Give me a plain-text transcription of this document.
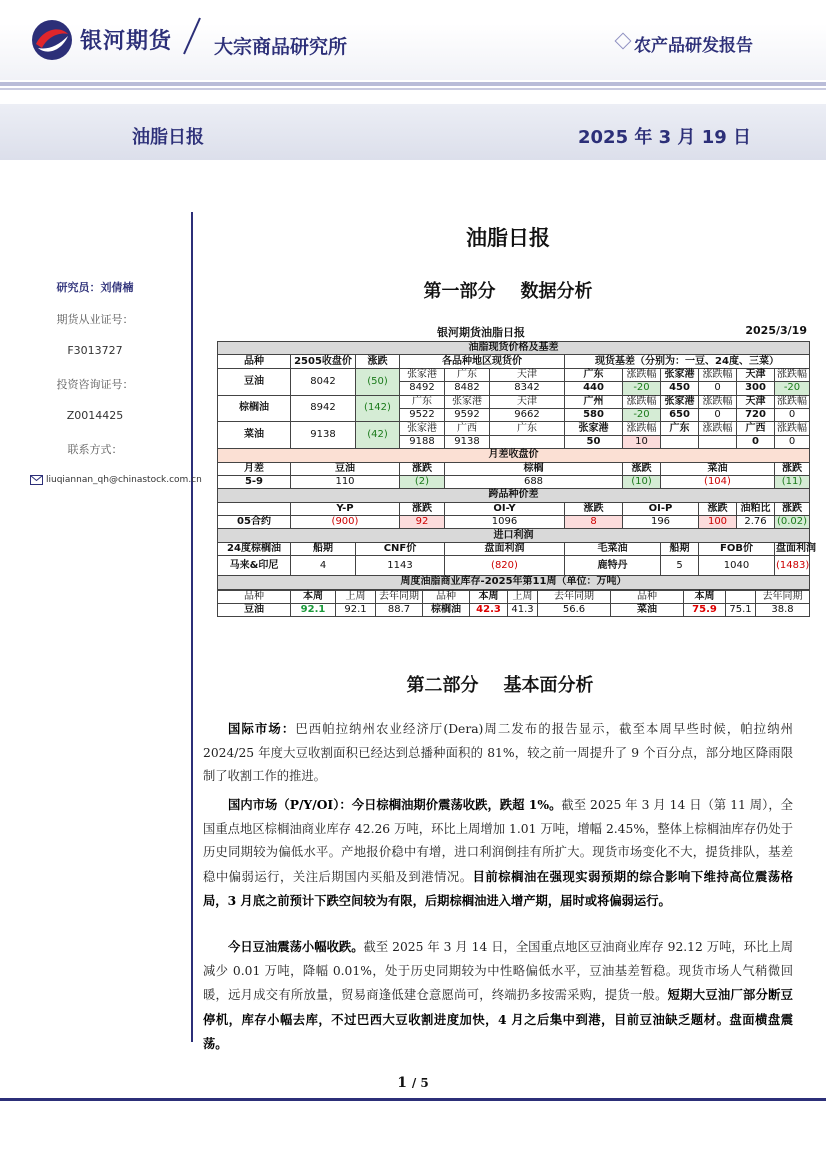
银河期货 大宗商品研究所	农产品研发报告
油脂日报	2025 年 3 月 19 日
研究员：刘倩楠
期货从业证号：
F3013727
投资咨询证号：
Z0014425
联系方式：
liuqiannan_qh@chinastock.com.cn
油脂日报
第一部分    数据分析
银河期货油脂日报	2025/3/19
油脂现货价格及基差											
品种	2505收盘价	涨跌	各品种地区现货价			现货基差（分别为：一豆、24度、三菜）					
豆油	8042	(50)	张家港	广东	天津	广东	涨跌幅	张家港	涨跌幅	天津	涨跌幅
			8492	8482	8342	440	-20	450	0	300	-20
棕榈油	8942	(142)	广东	张家港	天津	广州	涨跌幅	张家港	涨跌幅	天津	涨跌幅
			9522	9592	9662	580	-20	650	0	720	0
菜油	9138	(42)	张家港	广西	广东	张家港	涨跌幅	广东	涨跌幅	广西	涨跌幅
			9188	9138		50	10			0	0
月差收盘价											
月差	豆油		涨跌	棕榈			涨跌	菜油			涨跌
5-9	110		(2)	688			(10)	(104)			(11)
跨品种价差											
	Y-P		涨跌	OI-Y		涨跌	OI-P		涨跌	油粕比	涨跌
05合约	(900)		92	1096		8	196		100	2.76	(0.02)
进口利润											
24度棕榈油	船期	CNF价		盘面利润		毛菜油		船期	FOB价		盘面利润
马来&印尼	4	1143		(820)		鹿特丹		5	1040		(1483)
周度油脂商业库存-2025年第11周（单位：万吨）											
品种	本周	上周	去年同期	品种	本周	上周	去年同期	品种	本周		去年同期
豆油	92.1	92.1	88.7	棕榈油	42.3	41.3	56.6	菜油	75.9	75.1	38.8
第二部分    基本面分析
国际市场：巴西帕拉纳州农业经济厅(Dera)周二发布的报告显示，截至本周早些时候，帕拉纳州 2024/25 年度大豆收割面积已经达到总播种面积的 81%，较之前一周提升了 9 个百分点，部分地区降雨限制了收割工作的推进。
国内市场（P/Y/OI）：今日棕榈油期价震荡收跌，跌超 1%。截至 2025 年 3 月 14 日（第 11 周），全国重点地区棕榈油商业库存 42.26 万吨，环比上周增加 1.01 万吨，增幅 2.45%，整体上棕榈油库存仍处于历史同期较为偏低水平。产地报价稳中有增，进口利润倒挂有所扩大。现货市场变化不大，提货排队，基差稳中偏弱运行，关注后期国内买船及到港情况。目前棕榈油在强现实弱预期的综合影响下维持高位震荡格局，3 月底之前预计下跌空间较为有限，后期棕榈油进入增产期，届时或将偏弱运行。
今日豆油震荡小幅收跌。截至 2025 年 3 月 14 日，全国重点地区豆油商业库存 92.12 万吨，环比上周减少 0.01 万吨，降幅 0.01%，处于历史同期较为中性略偏低水平，豆油基差暂稳。现货市场人气稍微回暖，远月成交有所放量，贸易商逢低建仓意愿尚可，终端扔多按需采购，提货一般。短期大豆油厂部分断豆停机，库存小幅去库，不过巴西大豆收割进度加快，4 月之后集中到港，目前豆油缺乏题材。盘面横盘震荡。
1 / 5
